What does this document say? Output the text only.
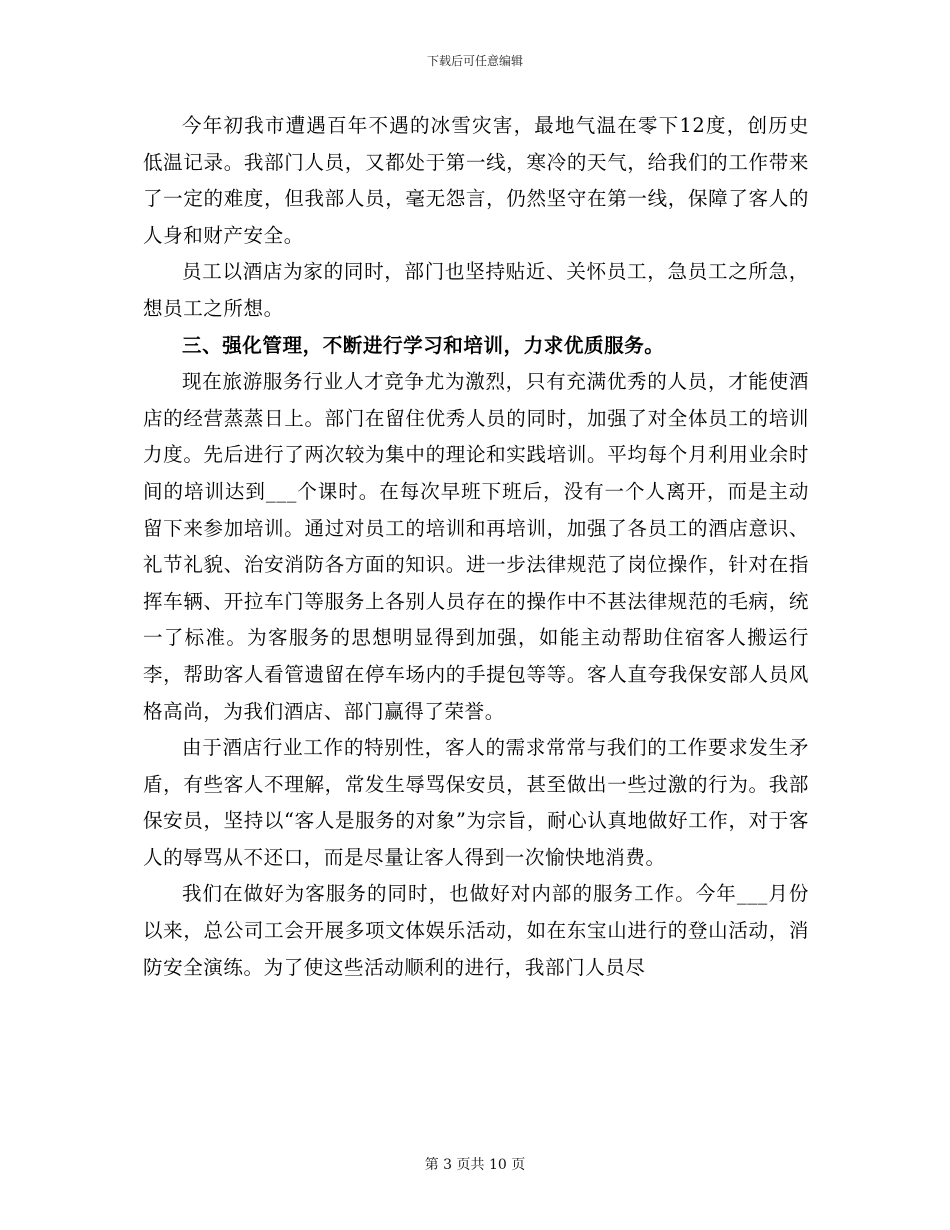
下载后可任意编辑

今年初我市遭遇百年不遇的冰雪灾害，最地气温在零下12度，创历史低温记录。我部门人员，又都处于第一线，寒冷的天气，给我们的工作带来了一定的难度，但我部人员，毫无怨言，仍然坚守在第一线，保障了客人的人身和财产安全。

员工以酒店为家的同时，部门也坚持贴近、关怀员工，急员工之所急，想员工之所想。

三、强化管理，不断进行学习和培训，力求优质服务。

现在旅游服务行业人才竞争尤为激烈，只有充满优秀的人员，才能使酒店的经营蒸蒸日上。部门在留住优秀人员的同时，加强了对全体员工的培训力度。先后进行了两次较为集中的理论和实践培训。平均每个月利用业余时间的培训达到___个课时。在每次早班下班后，没有一个人离开，而是主动留下来参加培训。通过对员工的培训和再培训，加强了各员工的酒店意识、礼节礼貌、治安消防各方面的知识。进一步法律规范了岗位操作，针对在指挥车辆、开拉车门等服务上各别人员存在的操作中不甚法律规范的毛病，统一了标准。为客服务的思想明显得到加强，如能主动帮助住宿客人搬运行李，帮助客人看管遗留在停车场内的手提包等等。客人直夸我保安部人员风格高尚，为我们酒店、部门赢得了荣誉。

由于酒店行业工作的特别性，客人的需求常常与我们的工作要求发生矛盾，有些客人不理解，常发生辱骂保安员，甚至做出一些过激的行为。我部保安员，坚持以“客人是服务的对象”为宗旨，耐心认真地做好工作，对于客人的辱骂从不还口，而是尽量让客人得到一次愉快地消费。

我们在做好为客服务的同时，也做好对内部的服务工作。今年___月份以来，总公司工会开展多项文体娱乐活动，如在东宝山进行的登山活动，消防安全演练。为了使这些活动顺利的进行，我部门人员尽

第 3 页共 10 页
